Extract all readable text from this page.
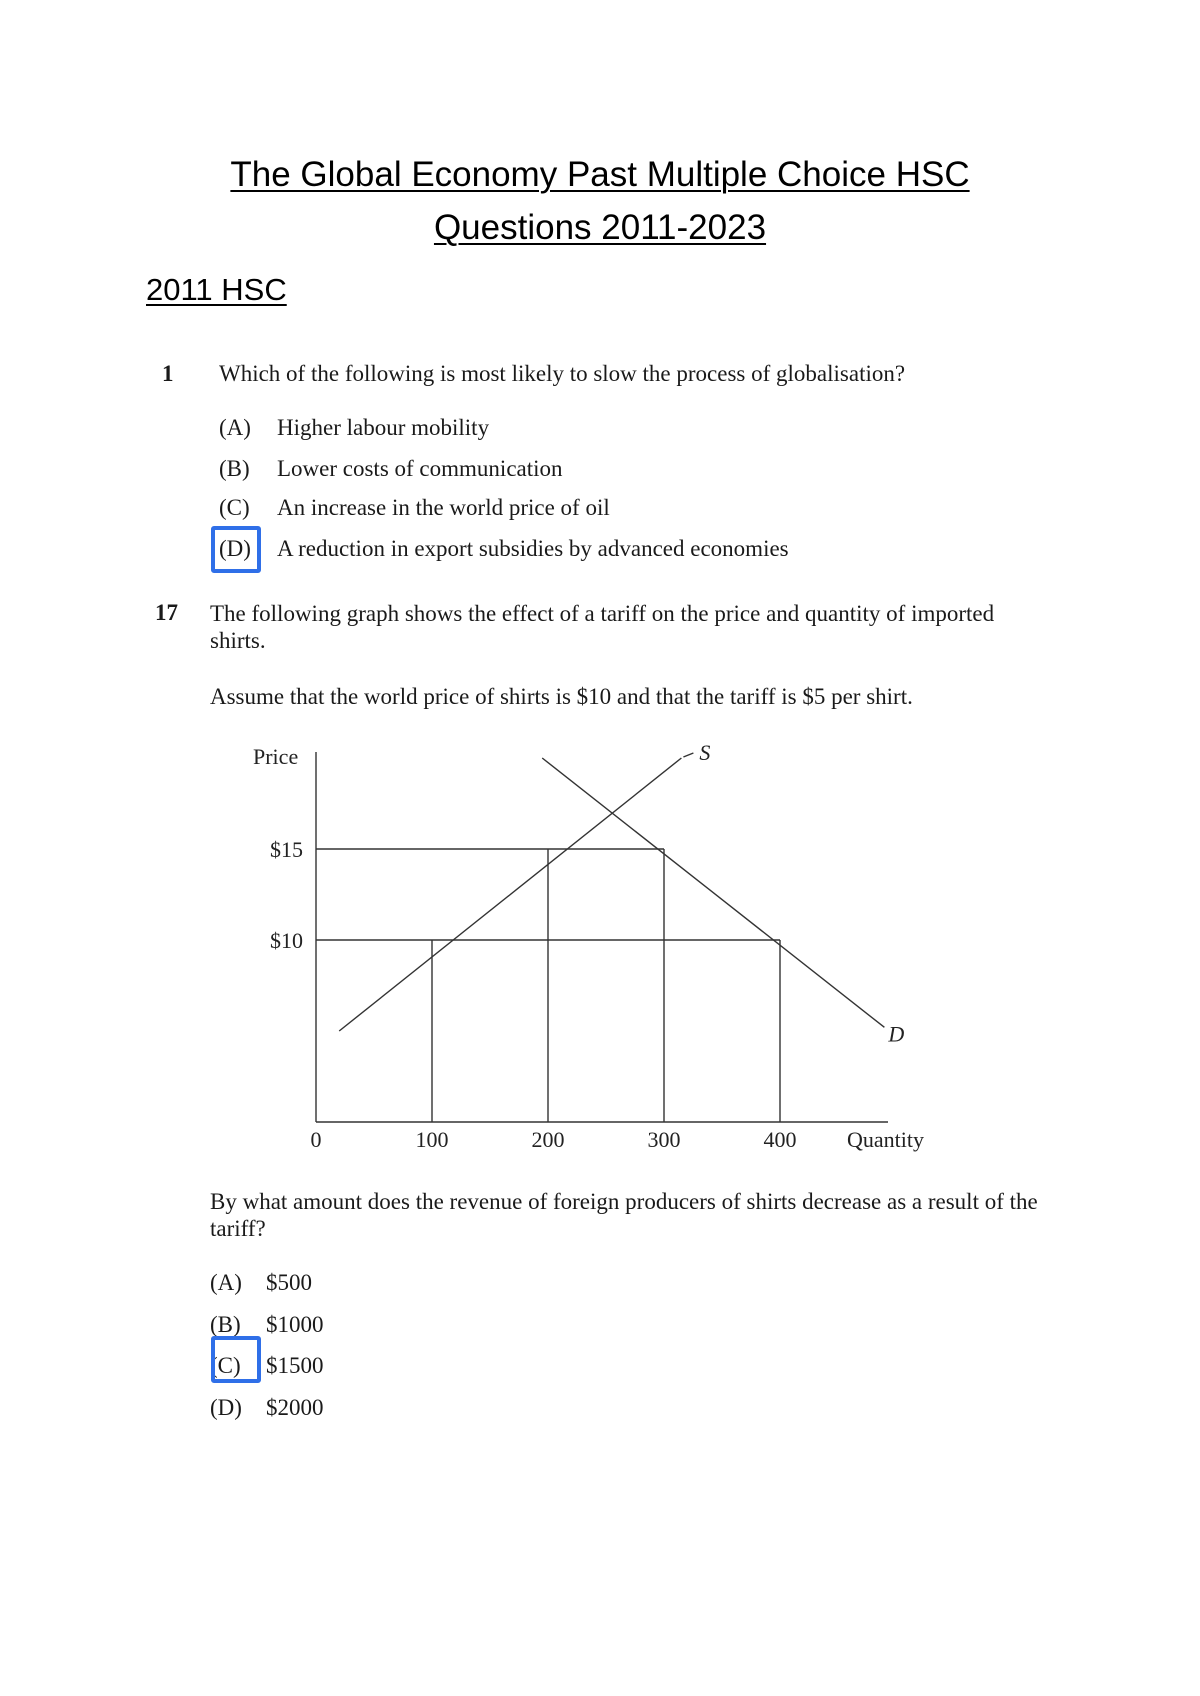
The Global Economy Past Multiple Choice HSC
Questions 2011-2023
2011 HSC
1 Which of the following is most likely to slow the process of globalisation?
(A) Higher labour mobility
(B) Lower costs of communication
(C) An increase in the world price of oil
(D) A reduction in export subsidies by advanced economies
17 The following graph shows the effect of a tariff on the price and quantity of imported shirts.
Assume that the world price of shirts is $10 and that the tariff is $5 per shirt.
Price
Quantity
0	100	200	300	400
$15
$10
S
D
By what amount does the revenue of foreign producers of shirts decrease as a result of the tariff?
(A) $500
(B) $1000
(C) $1500
(D) $2000
